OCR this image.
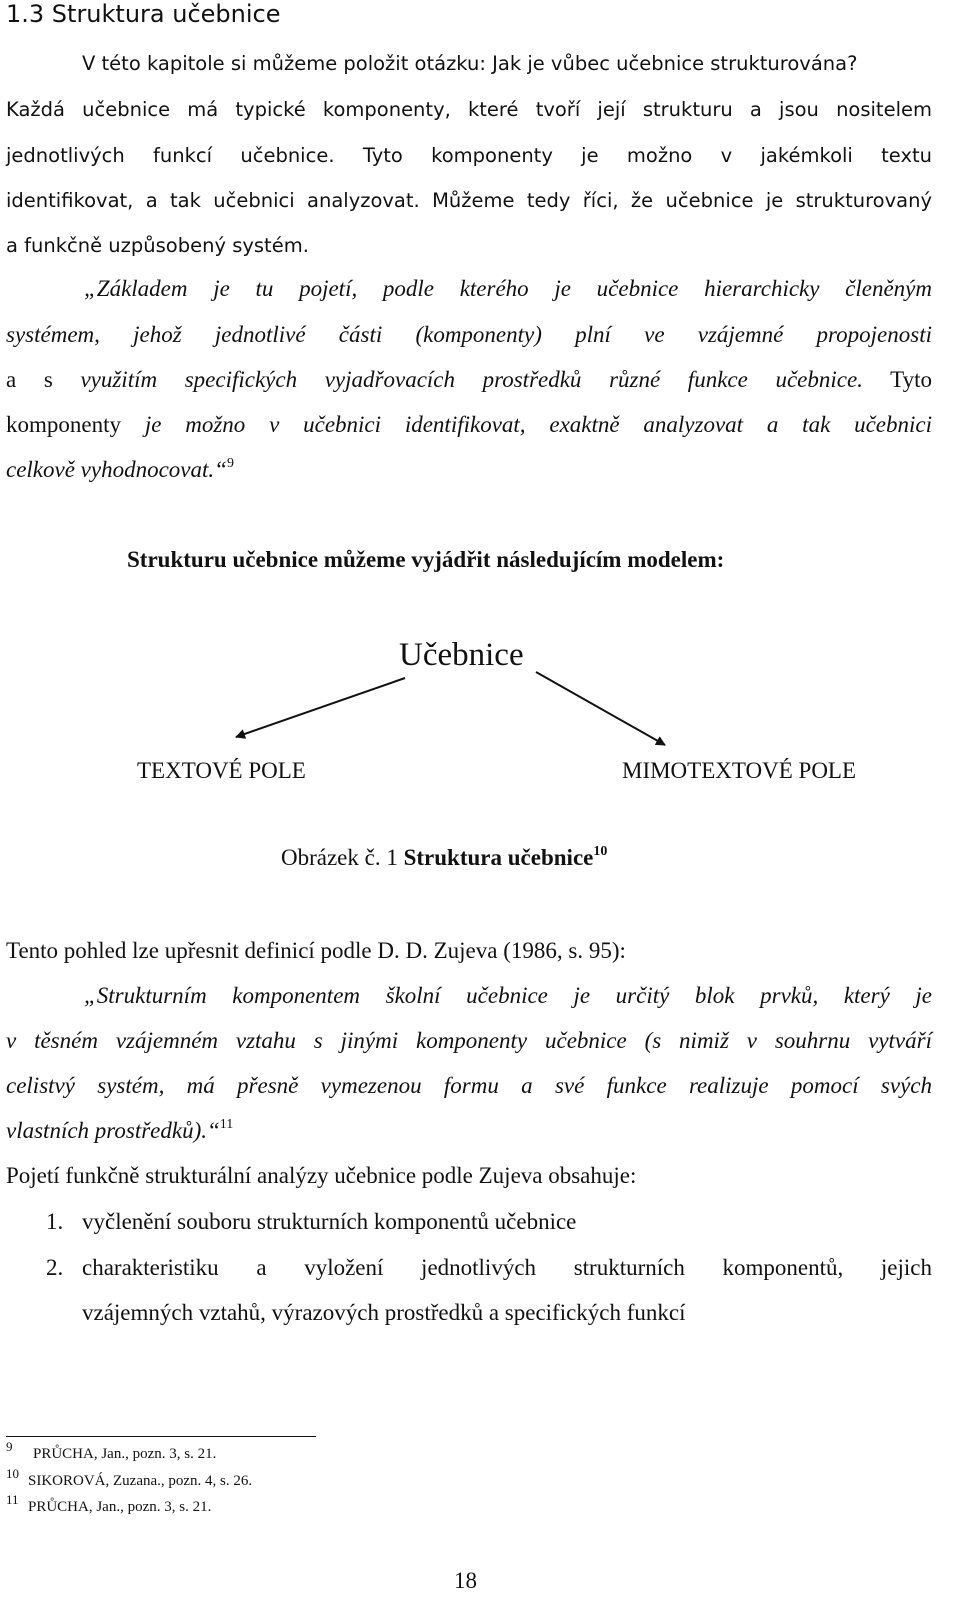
1.3 Struktura učebnice
V této kapitole si můžeme položit otázku: Jak je vůbec učebnice strukturována?
Každá učebnice má typické komponenty, které tvoří její strukturu a jsou nositelem
jednotlivých funkcí učebnice. Tyto komponenty je možno v jakémkoli textu
identifikovat, a tak učebnici analyzovat. Můžeme tedy říci, že učebnice je strukturovaný
a funkčně uzpůsobený systém.
„Základem je tu pojetí, podle kterého je učebnice hierarchicky členěným
systémem, jehož jednotlivé části (komponenty) plní ve vzájemné propojenosti
a s využitím specifických vyjadřovacích prostředků různé funkce učebnice. Tyto
komponenty je možno v učebnici identifikovat, exaktně analyzovat a tak učebnici
celkově vyhodnocovat.“$^9$
Strukturu učebnice můžeme vyjádřit následujícím modelem:
Učebnice
TEXTOVÉ POLE	MIMOTEXTOVÉ POLE
Obrázek č. 1 Struktura učebnice$^{10}$
Tento pohled lze upřesnit definicí podle D. D. Zujeva (1986, s. 95):
„Strukturním komponentem školní učebnice je určitý blok prvků, který je
v těsném vzájemném vztahu s jinými komponenty učebnice (s nimiž v souhrnu vytváří
celistvý systém, má přesně vymezenou formu a své funkce realizuje pomocí svých
vlastních prostředků).“$^{11}$
Pojetí funkčně strukturální analýzy učebnice podle Zujeva obsahuje:
1. vyčlenění souboru strukturních komponentů učebnice
2. charakteristiku a vyložení jednotlivých strukturních komponentů, jejich
vzájemných vztahů, výrazových prostředků a specifických funkcí
9 PRŮCHA, Jan., pozn. 3, s. 21.
10 SIKOROVÁ, Zuzana., pozn. 4, s. 26.
11 PRŮCHA, Jan., pozn. 3, s. 21.
18
